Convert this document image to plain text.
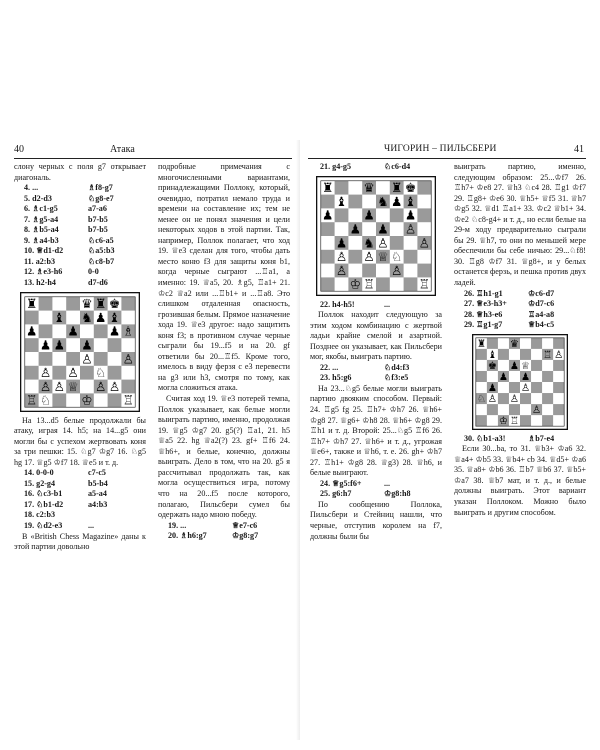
40	Атака

слону черных с поля g7 открывает диагональ.

4. ...	♗f8-g7
5. d2-d3	♘g8-e7
6. ♗c1-g5	a7-a6
7. ♗g5-a4	b7-b5
8. ♗b5-a4	b7-b5
9. ♗a4-b3	♘c6-a5
10. ♕d1-d2	♘a5:b3
11. a2:b3	♘c8-b7
12. ♗e3-h6	0-0
13. h2-h4	d7-d6
♜	♛ ♜ ♚
♝ ♞ ♟ ♝
♟ ♟ ♟ ♗
♟ ♟ ♟
♙ ♙
♙ ♙ ♘
♙ ♙ ♕ ♙ ♙
♖ ♘ ♔ ♖

На 13...d5 белые продолжали бы атаку, играя 14. h5; на 14...g5 они могли бы с успехом жертвовать коня за три пешки: 15. ♘g7 ♔g7 16. ♘g5 hg 17. ♕g5 ♔f7 18. ♕e5 и т. д.

14. 0-0-0	c7-c5
15. g2-g4	b5-b4
16. ♘c3-b1	a5-a4
17. ♘b1-d2	a4:b3
18. c2:b3
19. ♘d2-e3	...

В «British Chess Magazine» даны к этой партии довольно

подробные примечания с многочисленными вариантами, принадлежащими Поллоку, который, очевидно, потратил немало труда и времени на составление их; тем не менее он не понял значения и цели некоторых ходов в этой партии. Так, например, Поллок полагает, что ход 19. ♕e3 сделан для того, чтобы дать место коню f3 для защиты коня b1, когда черные сыграют ...♖a1, а именно: 19. ♕a5, 20. ♗g5, ♖a1+ 21. ♔c2 ♕a2 или ...♖b1+ и ...♖a8. Это слишком отдаленная опасность, грозившая белым. Прямое назначение хода 19. ♕e3 другое: надо защитить коня f3; в противном случае черные сыграли бы 19...f5 и на 20. gf ответили бы 20...♖f5. Кроме того, имелось в виду ферзя с e3 перевести на g3 или h3, смотря по тому, как могла сложиться атака.

Считая ход 19. ♕e3 потерей темпа, Поллок указывает, как белые могли выиграть партию, именно, продолжая 19. ♕g5 ♔g7 20. g5(?) ♖a1, 21. h5 ♕a5 22. hg ♕a2(?) 23. gf+ ♖f6 24. ♕h6+, и белые, конечно, должны выиграть. Дело в том, что на 20. g5 я рассчитывал продолжать так, как могла осуществиться игра, потому что на 20...f5 после которого, полагаю, Пильсбери сумел бы одержать надо мною победу.

19. ...	♕e7-c6
20. ♗h6:g7	♔g8:g7
ЧИГОРИН – ПИЛЬСБЕРИ	41
21. g4-g5	♘c6-d4
♜ ♛ ♜ ♚
♝ ♞ ♟ ♝
♟ ♟ ♟
♟ ♟ ♙
♟ ♞ ♙ ♙
♙ ♙ ♕ ♘
♙	♙
♔ ♖	♖
22. h4-h5!	...

Поллок находит следующую за этим ходом комбинацию с жертвой ладьи крайне смелой и азартной. Позднее он указывает, как Пильсбери мог, якобы, выиграть партию.

22. ...	♘d4:f3
23. h5:g6	♘f3:e5

На 23...♘g5 белые могли выиграть партию двояким способом. Первый: 24. ♖g5 fg 25. ♖h7+ ♔h7 26. ♕h6+ ♔g8 27. ♕g6+ ♔h8 28. ♕h6+ ♔g8 29. ♖h1 и т. д. Второй: 25...♘g5 ♖f6 26. ♖h7+ ♔h7 27. ♕h6+ и т. д., угрожая ♕e6+, также и ♕h6, т. е. 26. gh+ ♔h7 27. ♖h1+ ♔g8 28. ♕g3) 28. ♕h6, и белые выиграют.

24. ♕g5:f6+	...
25. g6:h7	♔g8:h8

По сообщению Поллока, Пильсбери и Стейниц нашли, что черные, отступив королем на f7, должны были бы

выиграть партию, именно, следующим образом: 25...♔f7 26. ♖h7+ ♔e8 27. ♕h3 ♘c4 28. ♖g1 ♔f7 29. ♖g8+ ♔e6 30. ♕h5+ ♕f5 31. ♕h7 ♔g5 32. ♕d1 ♖a1+ 33. ♔c2 ♕b1+ 34. ♔e2 ♘c8-g4+ и т. д., но если белые на 29-м ходу предварительно сыграли бы 29. ♕h7, то они по меньшей мере обеспечили бы себе ничью: 29...♘f8! 30. ♖g8 ♔f7 31. ♕g8+, и у белых останется ферзь, и пешка против двух ладей.

26. ♖h1-g1	♔c6-d7
27. ♕e3-h3+	♔d7-c6
28. ♕h3-e6	♖a4-a8
29. ♖g1-g7	♕b4-c5
♜ ♛
♝	♖ ♙
♚ ♟ ♕
♟ ♟
♟ ♙
♘ ♙ ♙
♙
♔ ♖
30. ♘b1-a3!	♗b7-e4

Если 30...ba, то 31. ♕b3+ ♔a6 32. ♕a4+ ♔b5 33. ♕b4+ cb 34. ♕d5+ ♔a6 35. ♕a8+ ♔b6 36. ♖b7 ♕b6 37. ♕b5+ ♔a7 38. ♕b7 мат, и т. д., и белые должны выиграть. Этот вариант указан Поллоком. Можно было выиграть и другим способом.
